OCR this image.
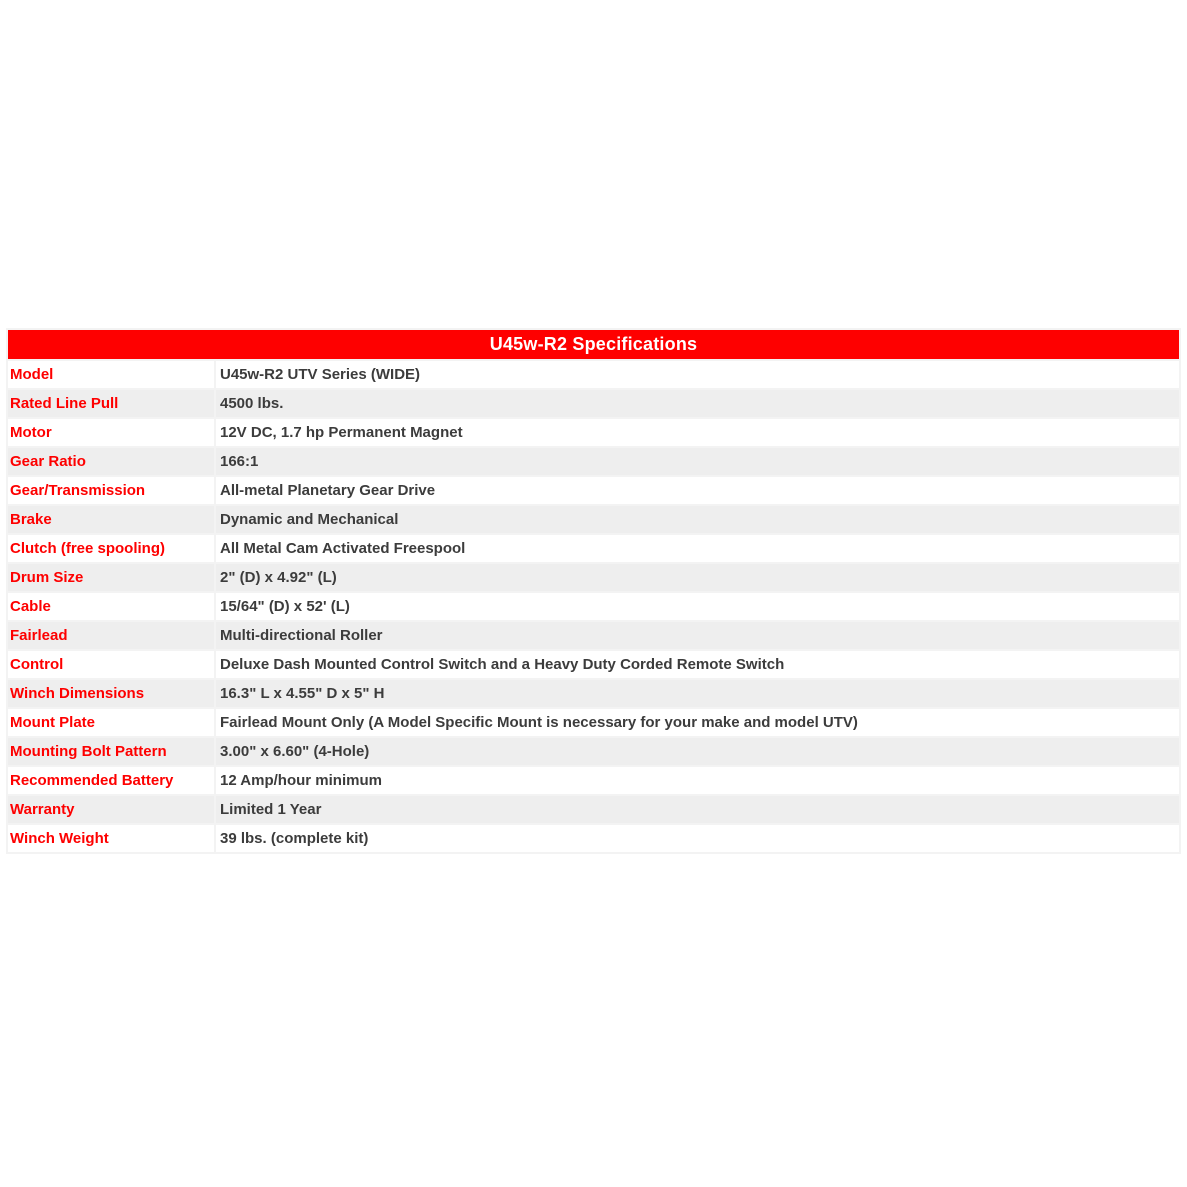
U45w-R2 Specifications	
Model	U45w-R2 UTV Series (WIDE)
Rated Line Pull	4500 lbs.
Motor	12V DC, 1.7 hp Permanent Magnet
Gear Ratio	166:1
Gear/Transmission	All-metal Planetary Gear Drive
Brake	Dynamic and Mechanical
Clutch (free spooling)	All Metal Cam Activated Freespool
Drum Size	2" (D) x 4.92" (L)
Cable	15/64" (D) x 52' (L)
Fairlead	Multi-directional Roller
Control	Deluxe Dash Mounted Control Switch and a Heavy Duty Corded Remote Switch
Winch Dimensions	16.3" L x 4.55" D x 5" H
Mount Plate	Fairlead Mount Only (A Model Specific Mount is necessary for your make and model UTV)
Mounting Bolt Pattern	3.00" x 6.60" (4-Hole)
Recommended Battery	12 Amp/hour minimum
Warranty	Limited 1 Year
Winch Weight	39 lbs. (complete kit)
